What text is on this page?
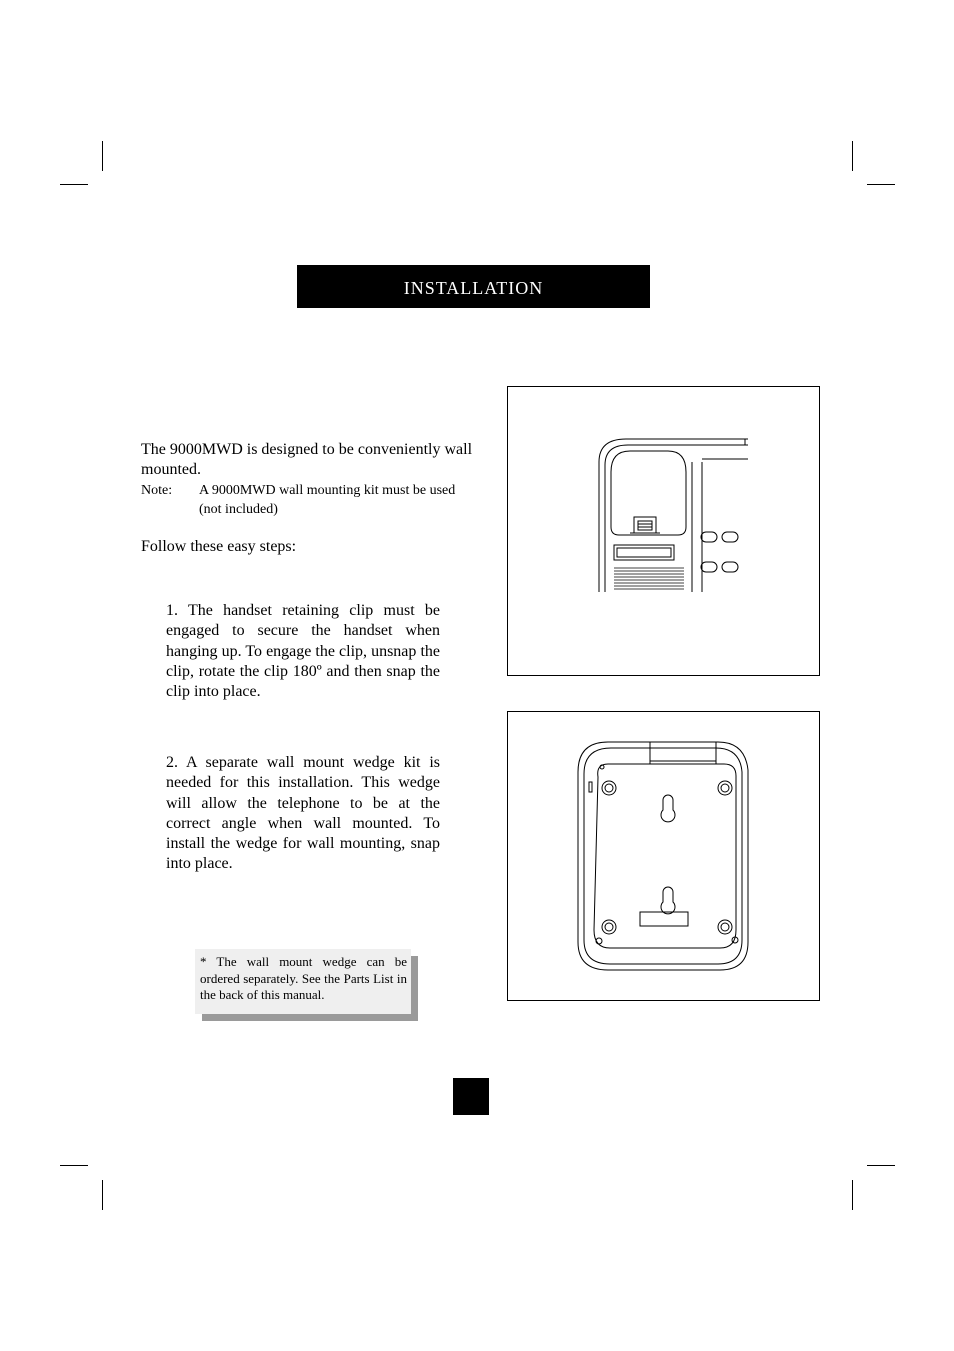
installation
The 9000MWD is designed to be conveniently wall mounted.
Note: A 9000MWD wall mounting kit must be used (not included)
Follow these easy steps:
1. The handset retaining clip must be engaged to secure the handset when hanging up. To engage the clip, unsnap the clip, rotate the clip 180º and then snap the clip into place.
2. A separate wall mount wedge kit is needed for this installation. This wedge will allow the telephone to be at the correct angle when wall mounted. To install the wedge for wall mounting, snap into place.
* The wall mount wedge can be ordered separately. See the Parts List in the back of this manual.
